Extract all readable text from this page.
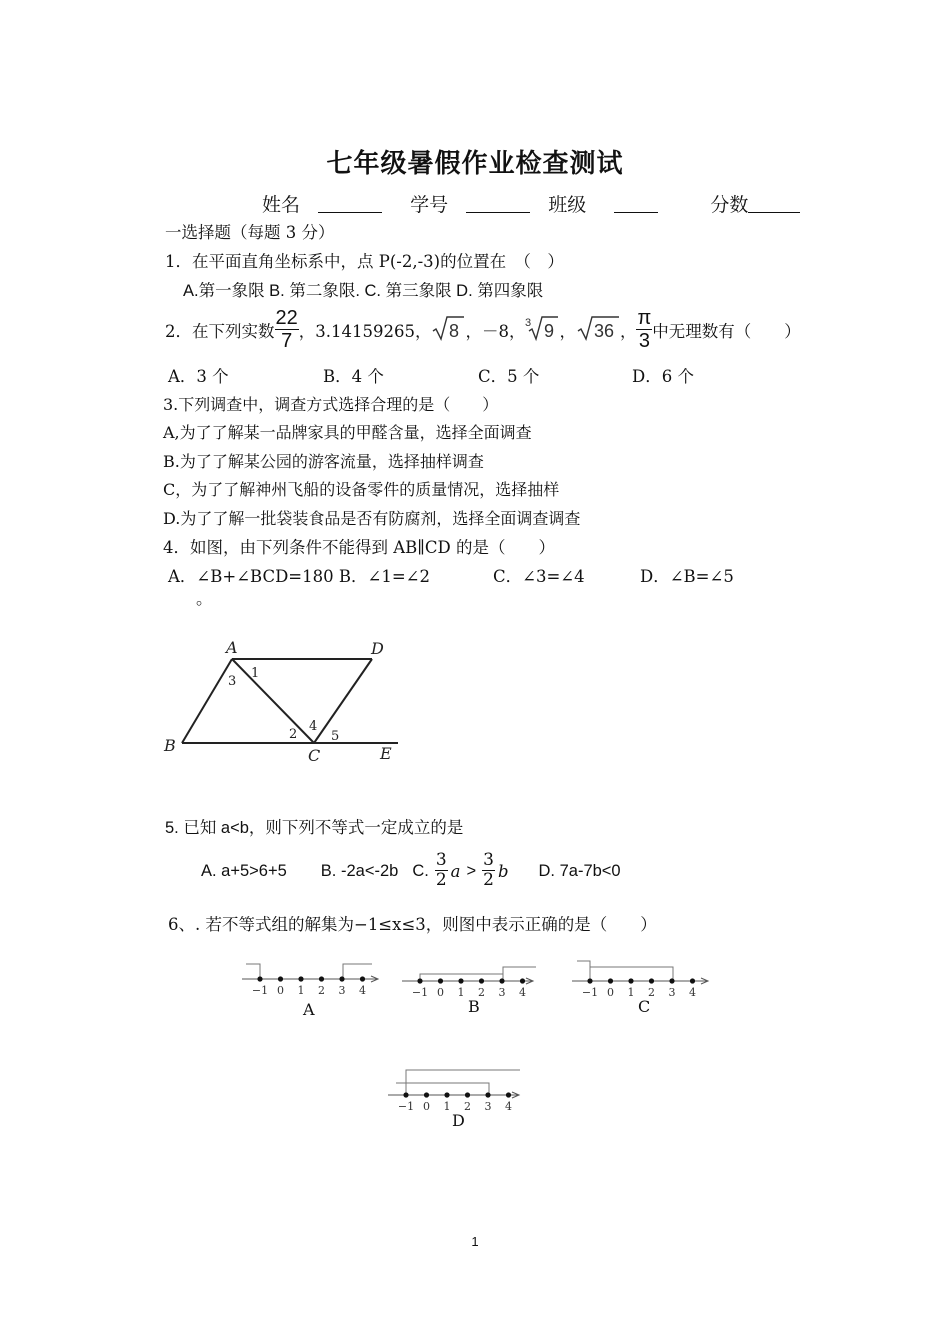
七年级暑假作业检查测试
姓名	学号	班级	分数
一选择题（每题 3 分）
1．在平面直角坐标系中，点 P(-2,-3)的位置在　（　）
A.第一象限 B. 第二象限. C. 第三象限 D. 第四象限
2．在下列实数 $\frac{22}{7}$ ，3.14159265， 8 ，－8， 3 9 ， 36 ， $\frac{\pi}{3}$ 中无理数有（　　）
A．3 个	B．4 个	C．5 个	D．6 个
3.下列调查中，调查方式选择合理的是（　　）
A,为了了解某一品牌家具的甲醛含量，选择全面调查
B.为了了解某公园的游客流量，选择抽样调查
C，为了了解神州飞船的设备零件的质量情况，选择抽样
D.为了了解一批袋装食品是否有防腐剂，选择全面调查调查
4．如图，由下列条件不能得到 AB∥CD 的是（　　）
A．∠B+∠BCD=180 B．∠1=∠2	C．∠3=∠4	D．∠B=∠5
。
A	D
B
C	E
1
2
3
4
5
5. 已知 a<b，则下列不等式一定成立的是
A. a+5>6+5 B. -2a<-2b C. $\frac{3}{2}$ $a > \frac{3}{2}$ b D. 7a-7b<0
6、. 若不等式组的解集为−1≤x≤3，则图中表示正确的是（　　）
−1 0 1 2 3 4	−1 0 1 2 3 4	−1 0 1 2 3 4
−1 0 1 2 3 4
A	B	C
D
1
